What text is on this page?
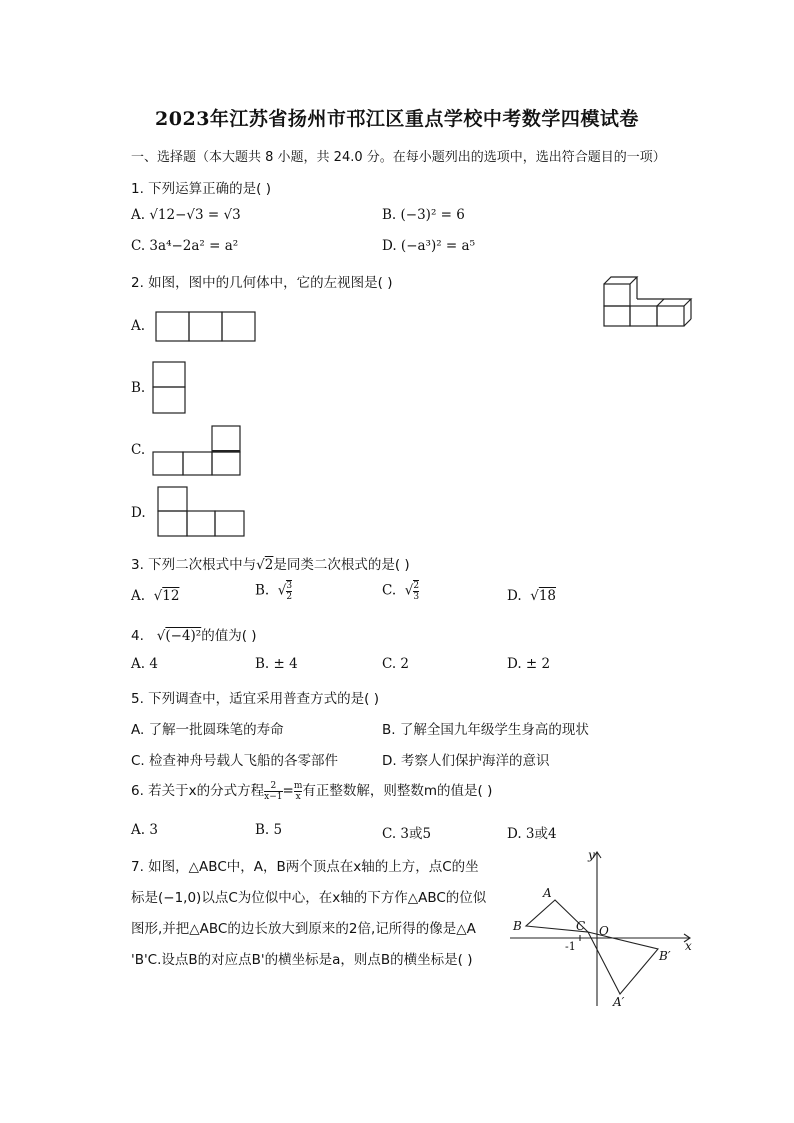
2023年江苏省扬州市邗江区重点学校中考数学四模试卷
一、选择题（本大题共 8 小题，共 24.0 分。在每小题列出的选项中，选出符合题目的一项）
1. 下列运算正确的是( )
A. √12−√3 = √3	B. (−3)² = 6
C. 3a⁴−2a² = a²	D. (−a³)² = a⁵
2. 如图，图中的几何体中，它的左视图是( )
A.
B.
C.
D.
3. 下列二次根式中与√2是同类二次根式的是( )
A.  √12	B.  √ $\frac{3}{2}$	C.  √ $\frac{2}{3}$	D.  √18
4. √(−4)²的值为( )
A. 4	B. ± 4	C. 2	D. ± 2
5. 下列调查中，适宜采用普查方式的是( )
A. 了解一批圆珠笔的寿命	B. 了解全国九年级学生身高的现状
C. 检查神舟号载人飞船的各零部件	D. 考察人们保护海洋的意识
6. 若关于x的分式方程 $\frac{2}{x-1} = \frac{m}{x}$ 有正整数解，则整数m的值是( )
A. 3	B. 5	C. 3或5	D. 3或4
7. 如图，△ABC中，A，B两个顶点在x轴的上方，点C的坐
标是(−1,0)以点C为位似中心，在x轴的下方作△ABC的位似
图形,并把△ABC的边长放大到原来的2倍,记所得的像是△A
'B'C.设点B的对应点B'的横坐标是a，则点B的横坐标是( )
y
x
A
B	C O
-1
B′
A′
